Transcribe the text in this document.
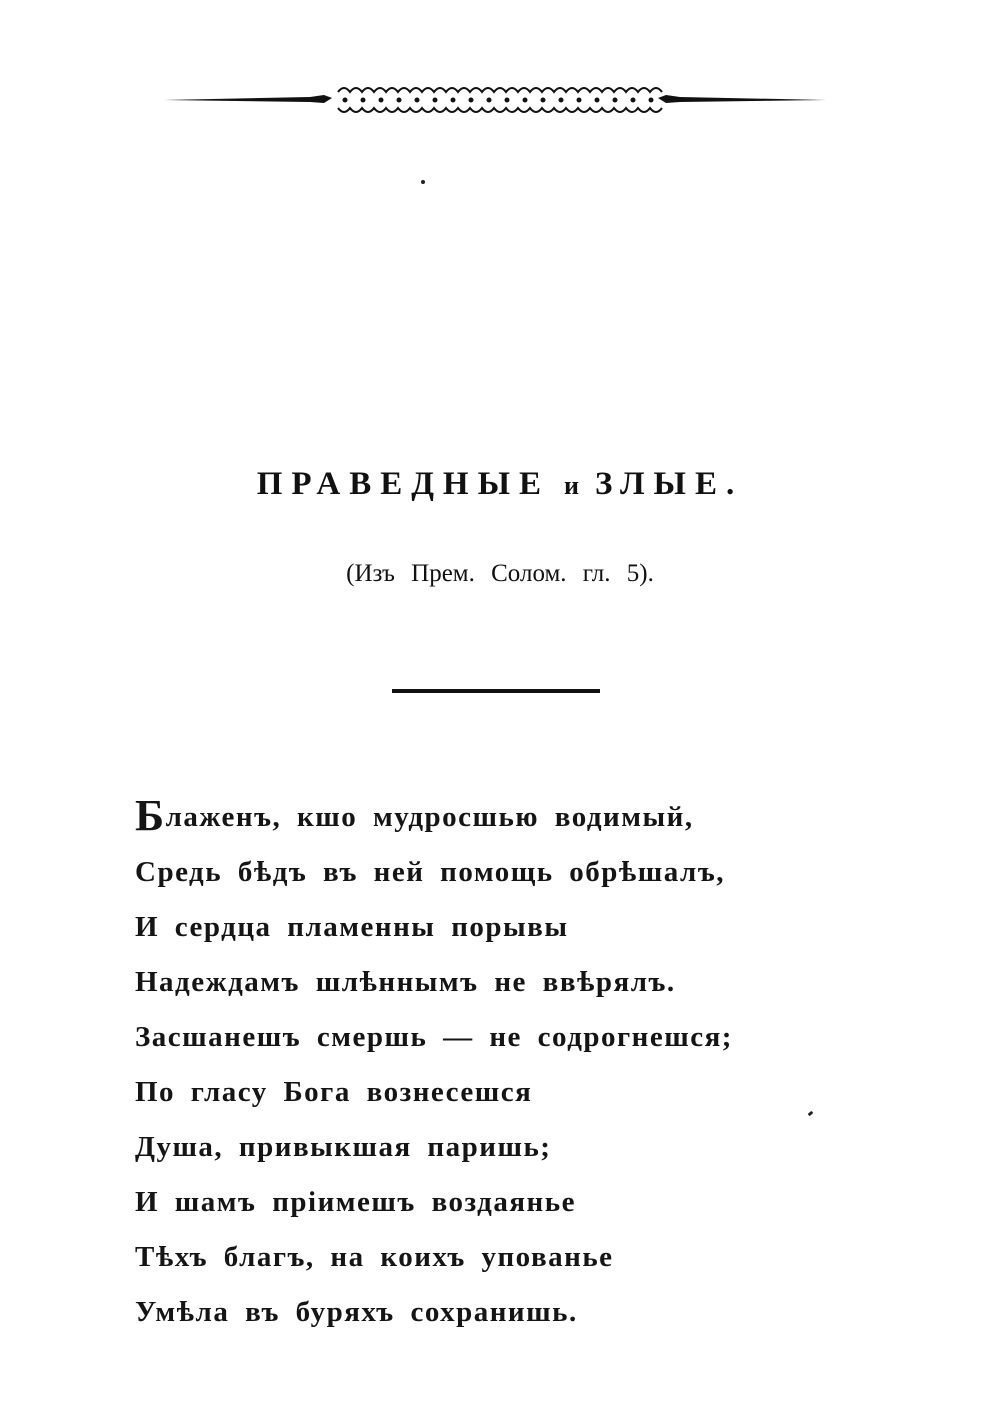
ПРАВЕДНЫЕ и ЗЛЫЕ.
(Изъ Прем. Солом. гл. 5).
Блаженъ, кшо мудросшью водимый,
Средь бѣдъ въ ней помощь обрѣшалъ,
И сердца пламенны порывы
Надеждамъ шлѣннымъ не ввѣрялъ.
Засшанешъ смершь — не содрогнешся;
По гласу Бога вознесешся
Душа, привыкшая паришь;
И шамъ пріимешъ воздаянье
Тѣхъ благъ, на коихъ упованье
Умѣла въ буряхъ сохранишь.
